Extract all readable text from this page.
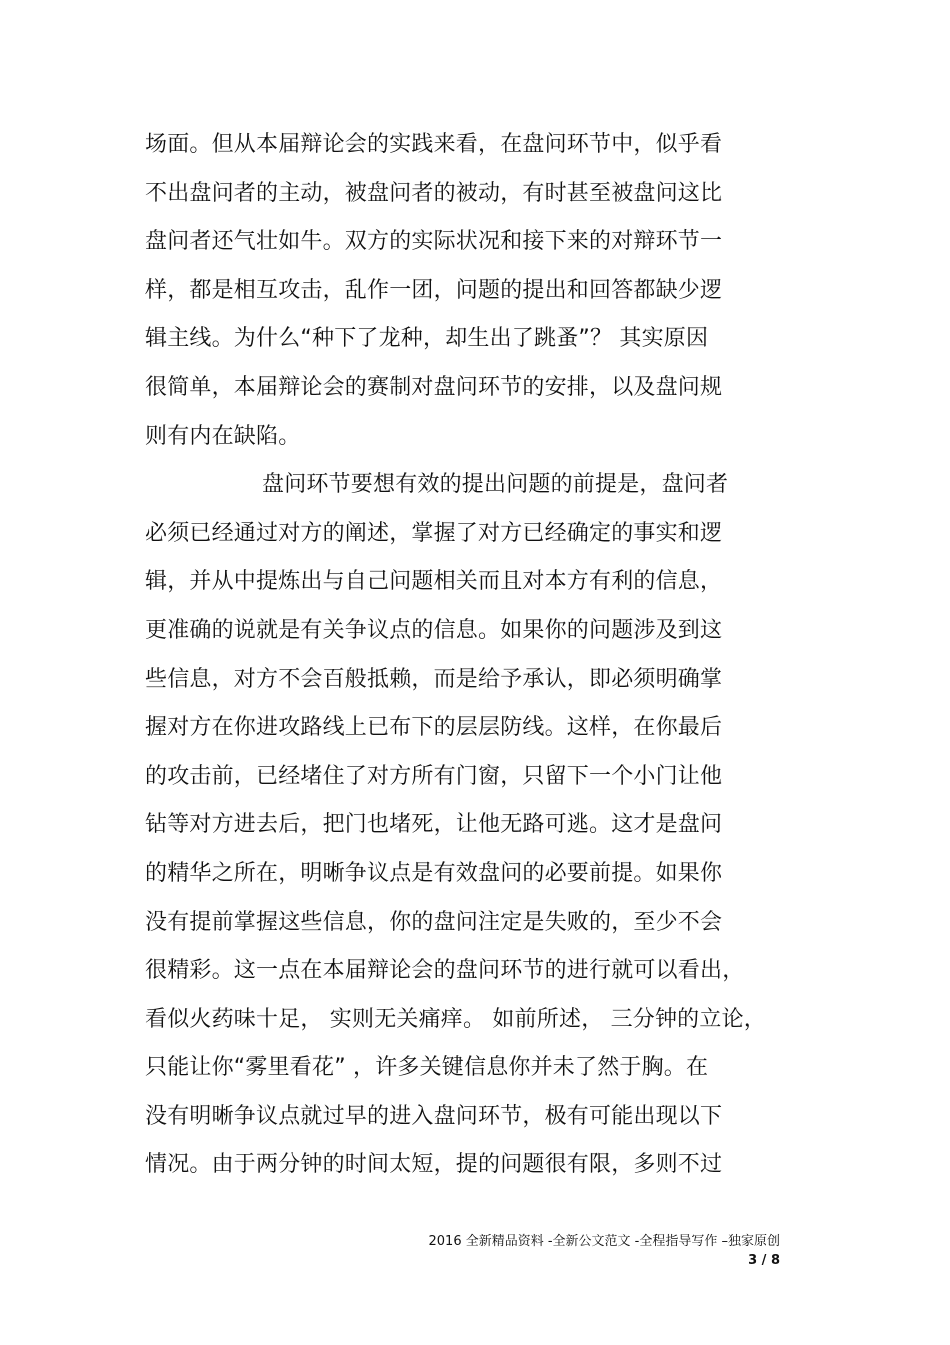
场面。但从本届辩论会的实践来看，在盘问环节中，似乎看
不出盘问者的主动，被盘问者的被动，有时甚至被盘问这比
盘问者还气壮如牛。双方的实际状况和接下来的对辩环节一
样，都是相互攻击，乱作一团，问题的提出和回答都缺少逻
辑主线。为什么“种下了龙种，却生出了跳蚤”？ 其实原因
很简单，本届辩论会的赛制对盘问环节的安排，以及盘问规
则有内在缺陷。
盘问环节要想有效的提出问题的前提是，盘问者
必须已经通过对方的阐述，掌握了对方已经确定的事实和逻
辑，并从中提炼出与自己问题相关而且对本方有利的信息，
更准确的说就是有关争议点的信息。如果你的问题涉及到这
些信息，对方不会百般抵赖，而是给予承认，即必须明确掌
握对方在你进攻路线上已布下的层层防线。这样，在你最后
的攻击前，已经堵住了对方所有门窗，只留下一个小门让他
钻等对方进去后，把门也堵死，让他无路可逃。这才是盘问
的精华之所在，明晰争议点是有效盘问的必要前提。如果你
没有提前掌握这些信息，你的盘问注定是失败的，至少不会
很精彩。这一点在本届辩论会的盘问环节的进行就可以看出，
看似火药味十足， 实则无关痛痒。 如前所述， 三分钟的立论，
只能让你“雾里看花” ，许多关键信息你并未了然于胸。在
没有明晰争议点就过早的进入盘问环节，极有可能出现以下
情况。由于两分钟的时间太短，提的问题很有限，多则不过
2016 全新精品资料 -全新公文范文 -全程指导写作 –独家原创
3 / 8
